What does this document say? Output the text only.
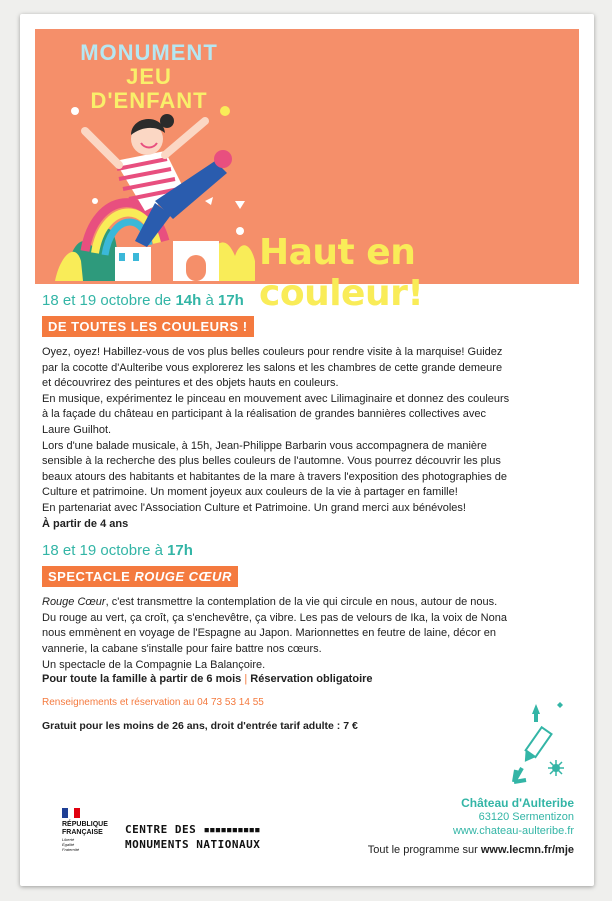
MONUMENT
JEU D'ENFANT
Haut en couleur!
18 et 19 octobre de 14h à 17h
DE TOUTES LES COULEURS !

Oyez, oyez! Habillez-vous de vos plus belles couleurs pour rendre visite à la marquise! Guidez par la cocotte d'Aulteribe vous explorerez les salons et les chambres de cette grande demeure et découvrirez des peintures et des objets hauts en couleurs.

En musique, expérimentez le pinceau en mouvement avec Lilimaginaire et donnez des couleurs à la façade du château en participant à la réalisation de grandes bannières collectives avec Laure Guilhot.

Lors d'une balade musicale, à 15h, Jean-Philippe Barbarin vous accompagnera de manière sensible à la recherche des plus belles couleurs de l'automne. Vous pourrez découvrir les plus beaux atours des habitants et habitantes de la mare à travers l'exposition des photographies de Culture et patrimoine. Un moment joyeux aux couleurs de la vie à partager en famille!

En partenariat avec l'Association Culture et Patrimoine. Un grand merci aux bénévoles!

À partir de 4 ans

18 et 19 octobre à 17h
SPECTACLE ROUGE CŒUR

Rouge Cœur, c'est transmettre la contemplation de la vie qui circule en nous, autour de nous. Du rouge au vert, ça croît, ça s'enchevêtre, ça vibre. Les pas de velours de Ika, la voix de Nona nous emmènent en voyage de l'Espagne au Japon. Marionnettes en feutre de laine, décor en vannerie, la cabane s'installe pour faire battre nos cœurs.

Un spectacle de la Compagnie La Balançoire.

Pour toute la famille à partir de 6 mois | Réservation obligatoire

Renseignements et réservation au 04 73 53 14 55

Gratuit pour les moins de 26 ans, droit d'entrée tarif adulte : 7 €

RÉPUBLIQUE
FRANÇAISE
Liberté
Égalité
Fraternité
CENTRE DES ▪▪▪▪▪▪▪▪▪▪
MONUMENTS NATIONAUX
Château d'Aulteribe
63120 Sermentizon
www.chateau-aulteribe.fr
Tout le programme sur www.lecmn.fr/mje
